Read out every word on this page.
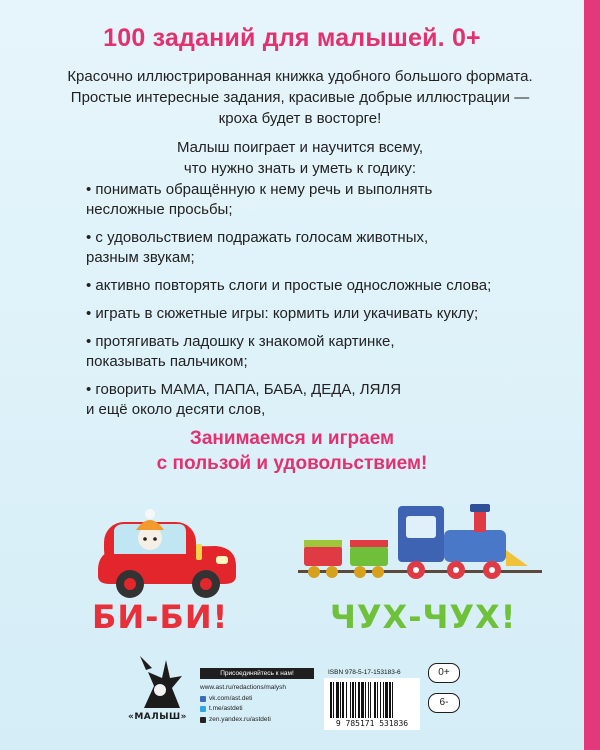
100 заданий для малышей. 0+
Красочно иллюстрированная книжка удобного большого формата.
Простые интересные задания, красивые добрые иллюстрации —
кроха будет в восторге!
Малыш поиграет и научится всему,
что нужно знать и уметь к годику:
• понимать обращённую к нему речь и выполнять
несложные просьбы;
• с удовольствием подражать голосам животных,
разным звукам;
• активно повторять слоги и простые односложные слова;
• играть в сюжетные игры: кормить или укачивать куклу;
• протягивать ладошку к знакомой картинке,
показывать пальчиком;
• говорить МАМА, ПАПА, БАБА, ДЕДА, ЛЯЛЯ
и ещё около десяти слов,
Занимаемся и играем
с пользой и удовольствием!
БИ-БИ!	ЧУХ-ЧУХ!
«МАЛЫШ»
Присоединяйтесь к нам!
www.ast.ru/redactions/malysh
vk.com/ast.deti
t.me/astdeti
zen.yandex.ru/astdeti
ISBN 978-5-17-153183-6
9 785171 531836
0+
6-
